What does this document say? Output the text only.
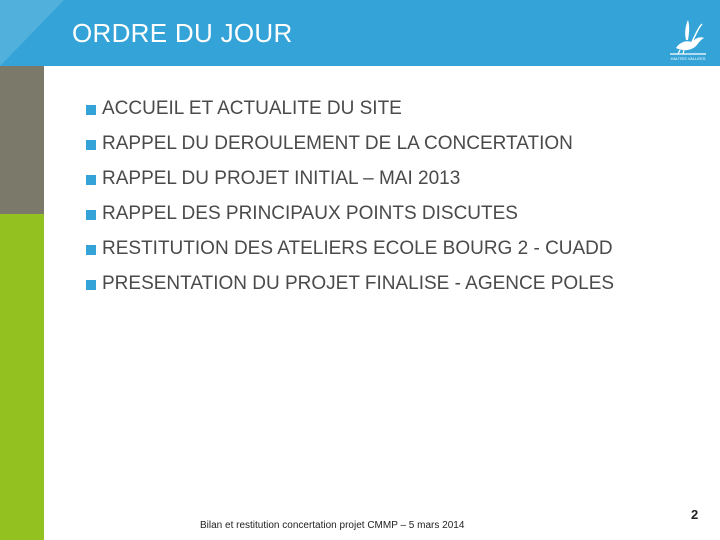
ORDRE DU JOUR
HAUTES VALLEES
ACCUEIL ET ACTUALITE DU SITE
RAPPEL DU DEROULEMENT DE LA CONCERTATION
RAPPEL DU PROJET INITIAL – MAI 2013
RAPPEL DES PRINCIPAUX POINTS DISCUTES
RESTITUTION DES ATELIERS ECOLE BOURG 2 - CUADD
PRESENTATION DU PROJET FINALISE - AGENCE POLES
Bilan et restitution concertation projet CMMP – 5 mars 2014
2
